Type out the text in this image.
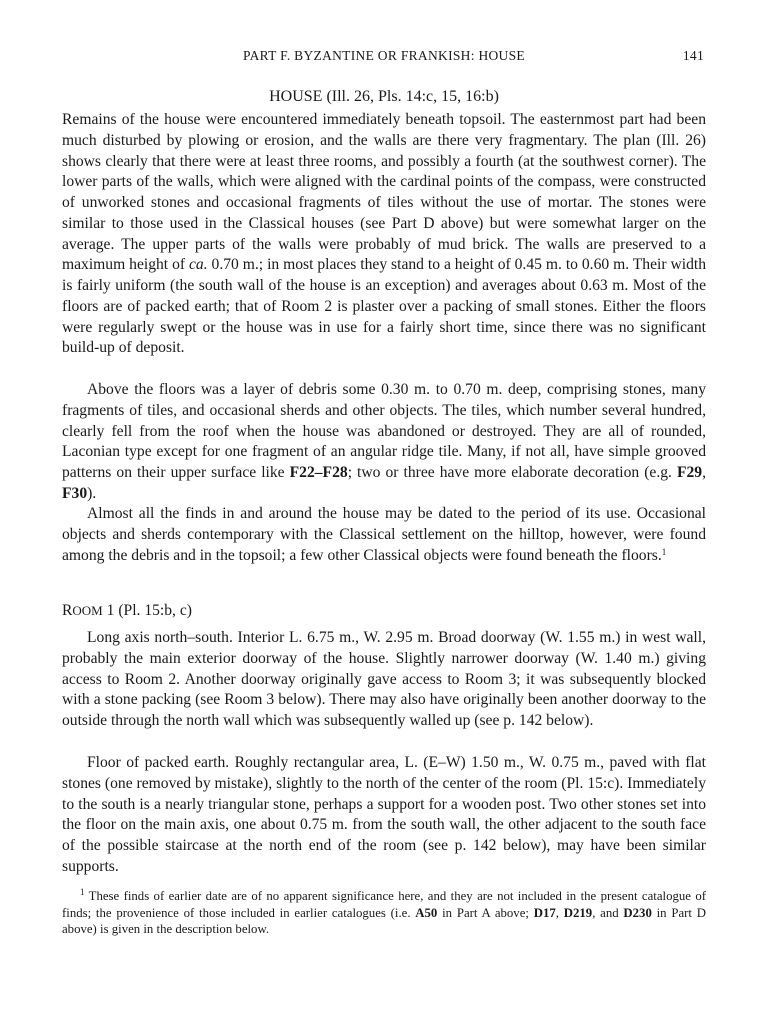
PART F. BYZANTINE OR FRANKISH: HOUSE	141
HOUSE (Ill. 26, Pls. 14:c, 15, 16:b)

Remains of the house were encountered immediately beneath topsoil. The easternmost part had been much disturbed by plowing or erosion, and the walls are there very fragmentary. The plan (Ill. 26) shows clearly that there were at least three rooms, and possibly a fourth (at the southwest corner). The lower parts of the walls, which were aligned with the cardinal points of the compass, were constructed of unworked stones and occasional fragments of tiles without the use of mortar. The stones were similar to those used in the Classical houses (see Part D above) but were somewhat larger on the average. The upper parts of the walls were probably of mud brick. The walls are preserved to a maximum height of ca. 0.70 m.; in most places they stand to a height of 0.45 m. to 0.60 m. Their width is fairly uniform (the south wall of the house is an exception) and averages about 0.63 m. Most of the floors are of packed earth; that of Room 2 is plaster over a packing of small stones. Either the floors were regularly swept or the house was in use for a fairly short time, since there was no significant build-up of deposit.

Above the floors was a layer of debris some 0.30 m. to 0.70 m. deep, comprising stones, many fragments of tiles, and occasional sherds and other objects. The tiles, which number several hundred, clearly fell from the roof when the house was abandoned or destroyed. They are all of rounded, Laconian type except for one fragment of an angular ridge tile. Many, if not all, have simple grooved patterns on their upper surface like F22–F28; two or three have more elaborate decoration (e.g. F29, F30).

Almost all the finds in and around the house may be dated to the period of its use. Occasional objects and sherds contemporary with the Classical settlement on the hilltop, however, were found among the debris and in the topsoil; a few other Classical objects were found beneath the floors.$^1$

ROOM 1 (Pl. 15:b, c)

Long axis north–south. Interior L. 6.75 m., W. 2.95 m. Broad doorway (W. 1.55 m.) in west wall, probably the main exterior doorway of the house. Slightly narrower doorway (W. 1.40 m.) giving access to Room 2. Another doorway originally gave access to Room 3; it was subsequently blocked with a stone packing (see Room 3 below). There may also have originally been another doorway to the outside through the north wall which was subsequently walled up (see p. 142 below).

Floor of packed earth. Roughly rectangular area, L. (E–W) 1.50 m., W. 0.75 m., paved with flat stones (one removed by mistake), slightly to the north of the center of the room (Pl. 15:c). Immediately to the south is a nearly triangular stone, perhaps a support for a wooden post. Two other stones set into the floor on the main axis, one about 0.75 m. from the south wall, the other adjacent to the south face of the possible staircase at the north end of the room (see p. 142 below), may have been similar supports.

$^1$ These finds of earlier date are of no apparent significance here, and they are not included in the present catalogue of finds; the provenience of those included in earlier catalogues (i.e. A50 in Part A above; D17, D219, and D230 in Part D above) is given in the description below.
